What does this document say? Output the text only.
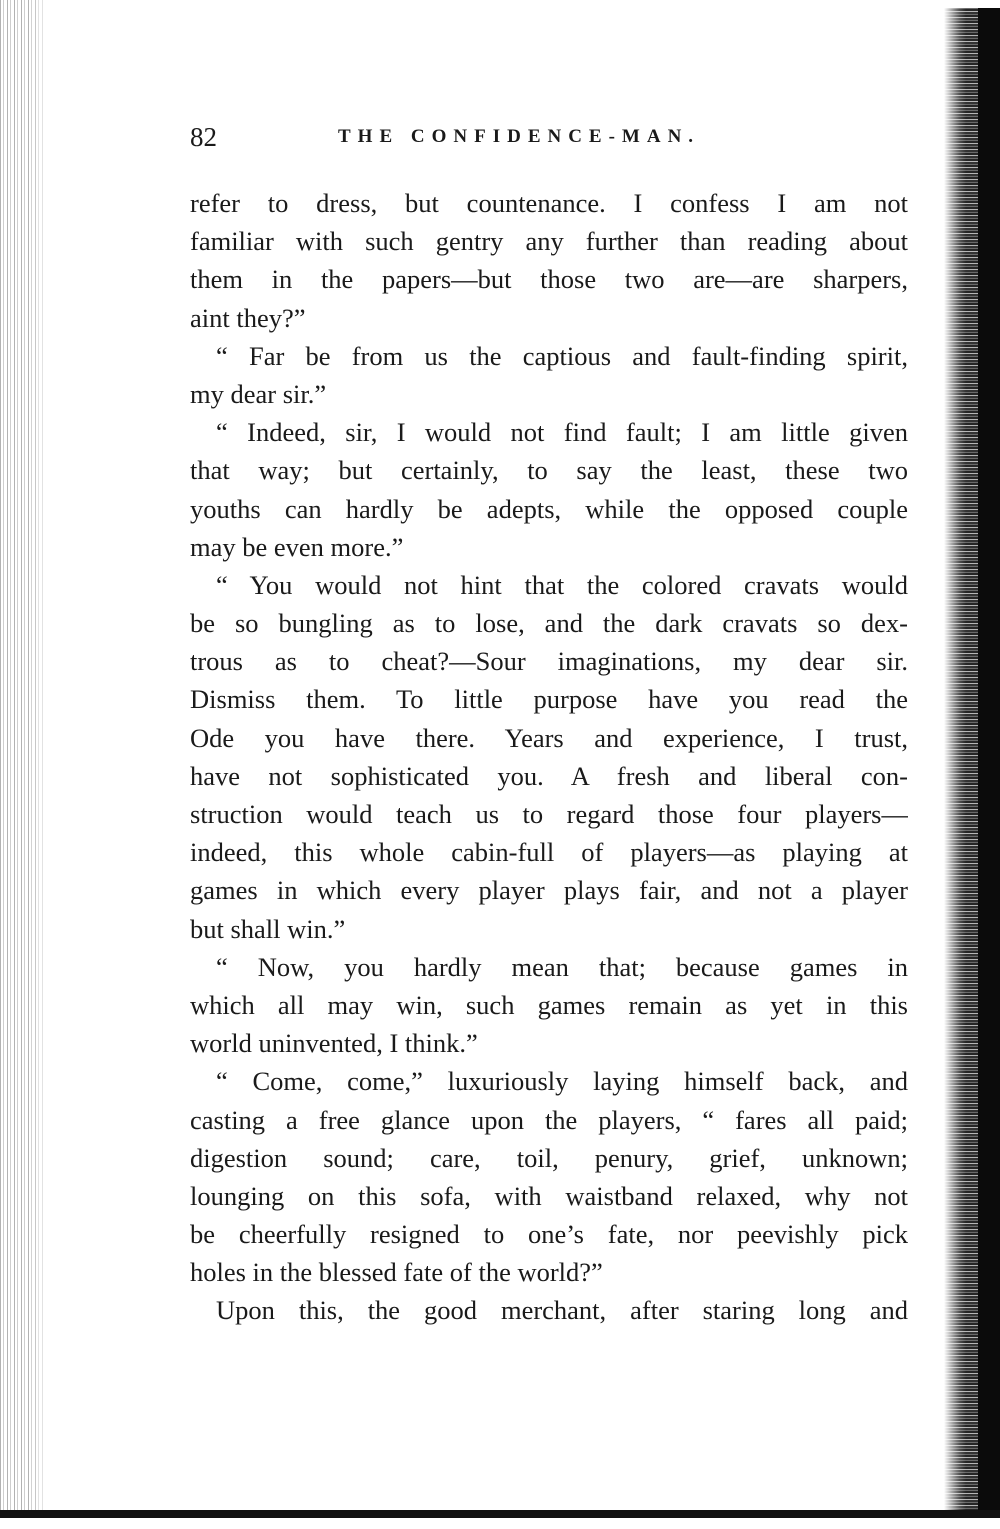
82	THE CONFIDENCE-MAN.
refer to dress, but countenance. I confess I am not
familiar with such gentry any further than reading about
them in the papers—but those two are—are sharpers,
aint they?”
“ Far be from us the captious and fault-finding spirit,
my dear sir.”
“ Indeed, sir, I would not find fault; I am little given
that way; but certainly, to say the least, these two
youths can hardly be adepts, while the opposed couple
may be even more.”
“ You would not hint that the colored cravats would
be so bungling as to lose, and the dark cravats so dex-
trous as to cheat?—Sour imaginations, my dear sir.
Dismiss them. To little purpose have you read the
Ode you have there. Years and experience, I trust,
have not sophisticated you. A fresh and liberal con-
struction would teach us to regard those four players—
indeed, this whole cabin-full of players—as playing at
games in which every player plays fair, and not a player
but shall win.”
“ Now, you hardly mean that; because games in
which all may win, such games remain as yet in this
world uninvented, I think.”
“ Come, come,” luxuriously laying himself back, and
casting a free glance upon the players, “ fares all paid;
digestion sound; care, toil, penury, grief, unknown;
lounging on this sofa, with waistband relaxed, why not
be cheerfully resigned to one’s fate, nor peevishly pick
holes in the blessed fate of the world?”
Upon this, the good merchant, after staring long and
